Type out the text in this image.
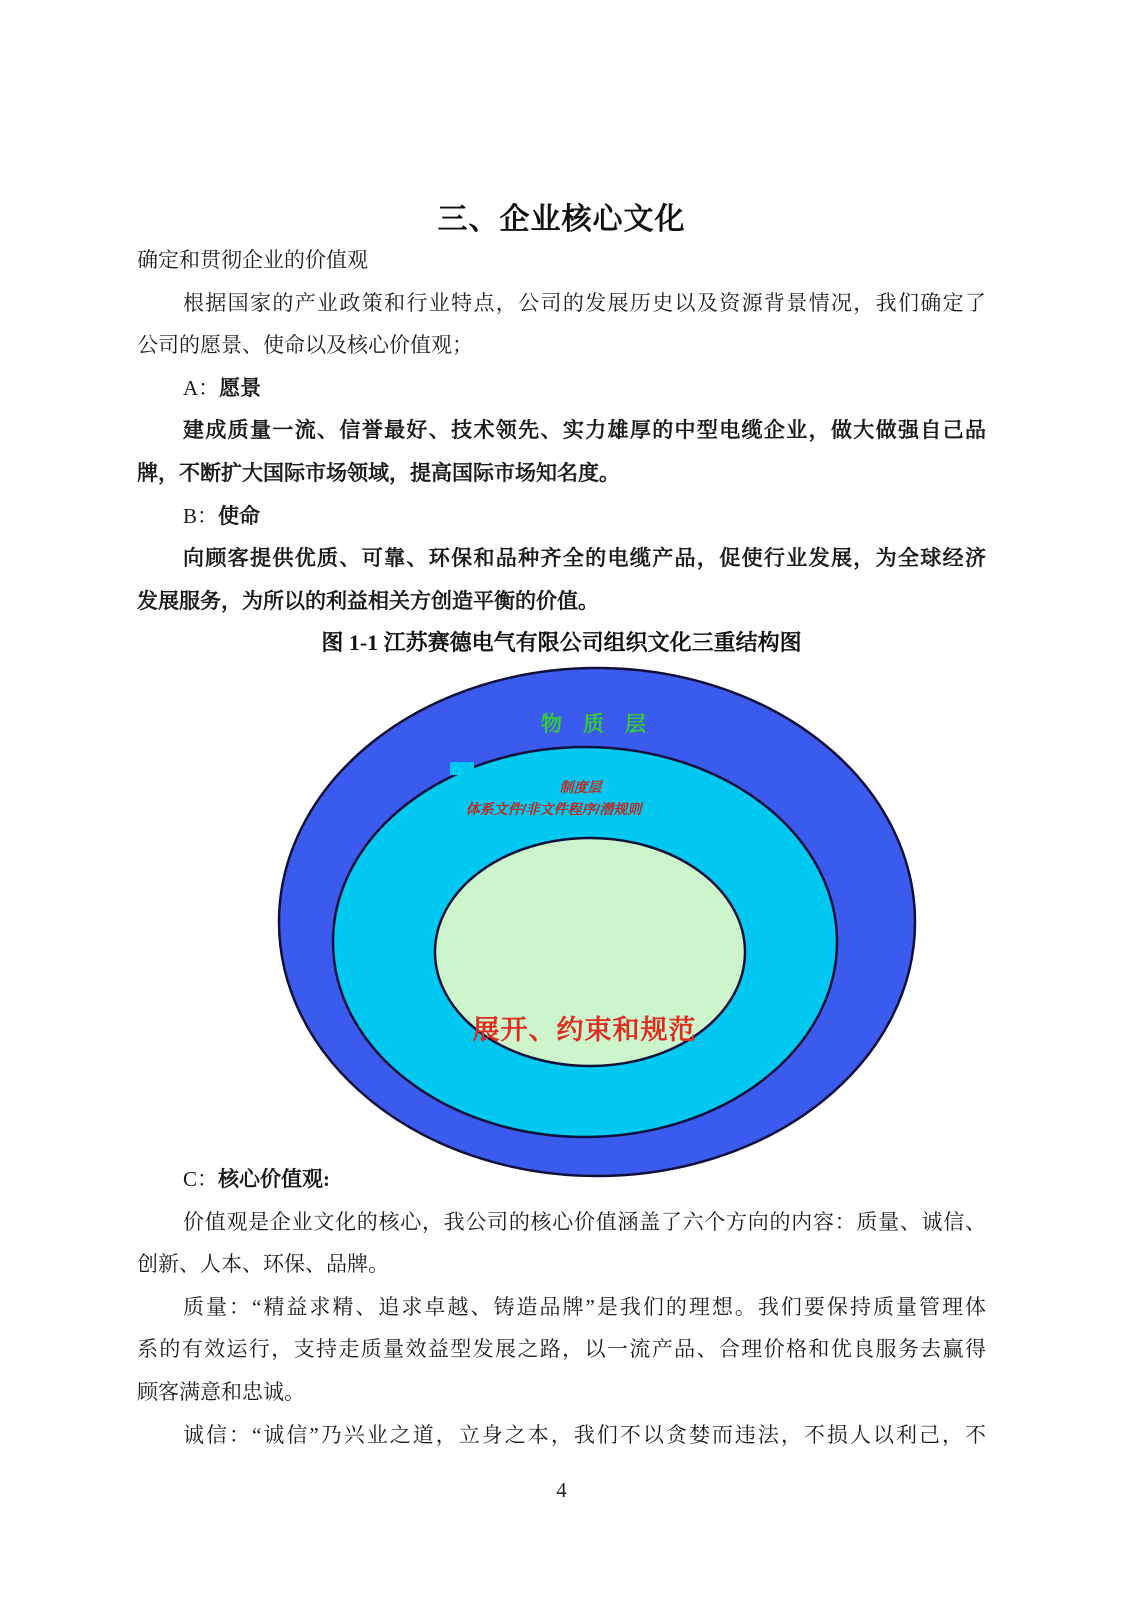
三、企业核心文化
确定和贯彻企业的价值观
根据国家的产业政策和行业特点，公司的发展历史以及资源背景情况，我们确定了
公司的愿景、使命以及核心价值观；
A：愿景
建成质量一流、信誉最好、技术领先、实力雄厚的中型电缆企业，做大做强自己品
牌，不断扩大国际市场领域，提高国际市场知名度。
B：使命
向顾客提供优质、可靠、环保和品种齐全的电缆产品，促使行业发展，为全球经济
发展服务，为所以的利益相关方创造平衡的价值。
图 1-1 江苏赛德电气有限公司组织文化三重结构图
物　质　层
制度层
体系文件/非文件程序/潜规则
展开、约束和规范
C：核心价值观:
价值观是企业文化的核心，我公司的核心价值涵盖了六个方向的内容：质量、诚信、
创新、人本、环保、品牌。
质量：“精益求精、追求卓越、铸造品牌”是我们的理想。我们要保持质量管理体
系的有效运行，支持走质量效益型发展之路，以一流产品、合理价格和优良服务去赢得
顾客满意和忠诚。
诚信：“诚信”乃兴业之道，立身之本，我们不以贪婪而违法，不损人以利己，不
4
